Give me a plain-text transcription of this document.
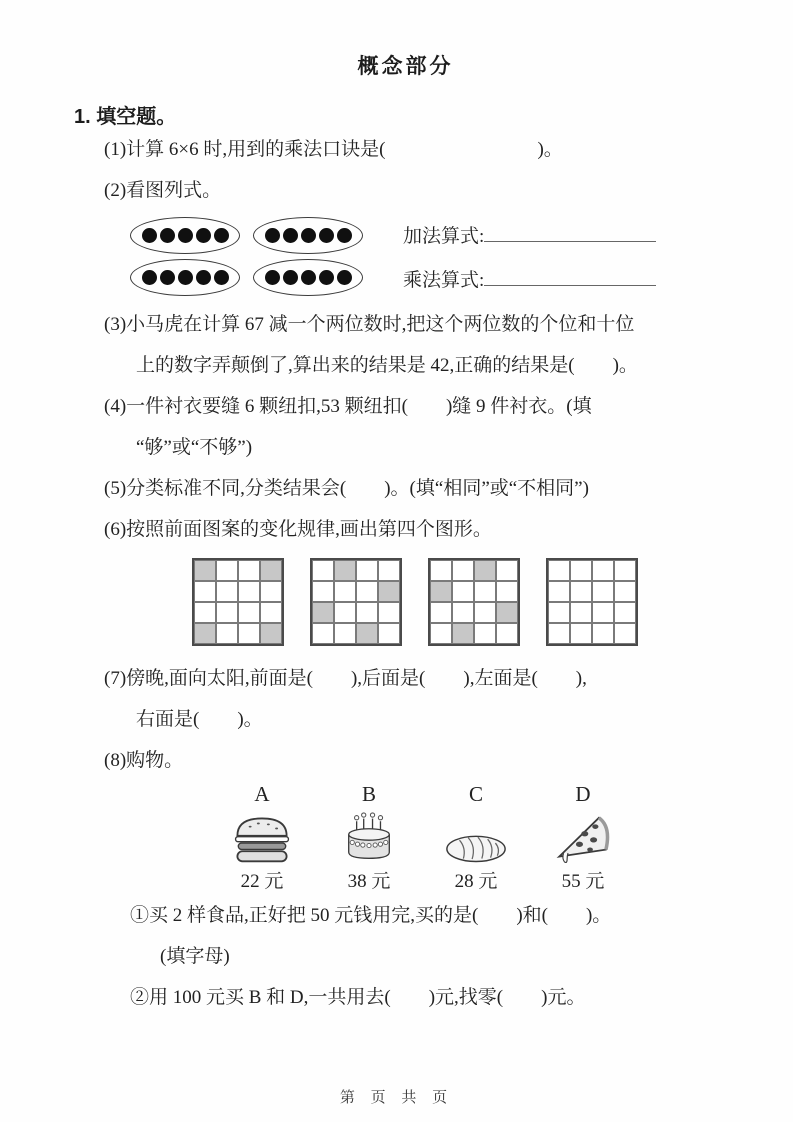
概念部分
1. 填空题。
(1)计算 6×6 时,用到的乘法口诀是(　　　　　　　　)。
(2)看图列式。
加法算式:
乘法算式:
(3)小马虎在计算 67 减一个两位数时,把这个两位数的个位和十位
上的数字弄颠倒了,算出来的结果是 42,正确的结果是(　　)。
(4)一件衬衣要缝 6 颗纽扣,53 颗纽扣(　　)缝 9 件衬衣。(填
“够”或“不够”)
(5)分类标准不同,分类结果会(　　)。(填“相同”或“不相同”)
(6)按照前面图案的变化规律,画出第四个图形。
(7)傍晚,面向太阳,前面是(　　),后面是(　　),左面是(　　),
右面是(　　)。
(8)购物。
A
22 元
B
38 元
C
28 元
D
55 元
①买 2 样食品,正好把 50 元钱用完,买的是(　　)和(　　)。
(填字母)
②用 100 元买 B 和 D,一共用去(　　)元,找零(　　)元。
第 页 共 页
